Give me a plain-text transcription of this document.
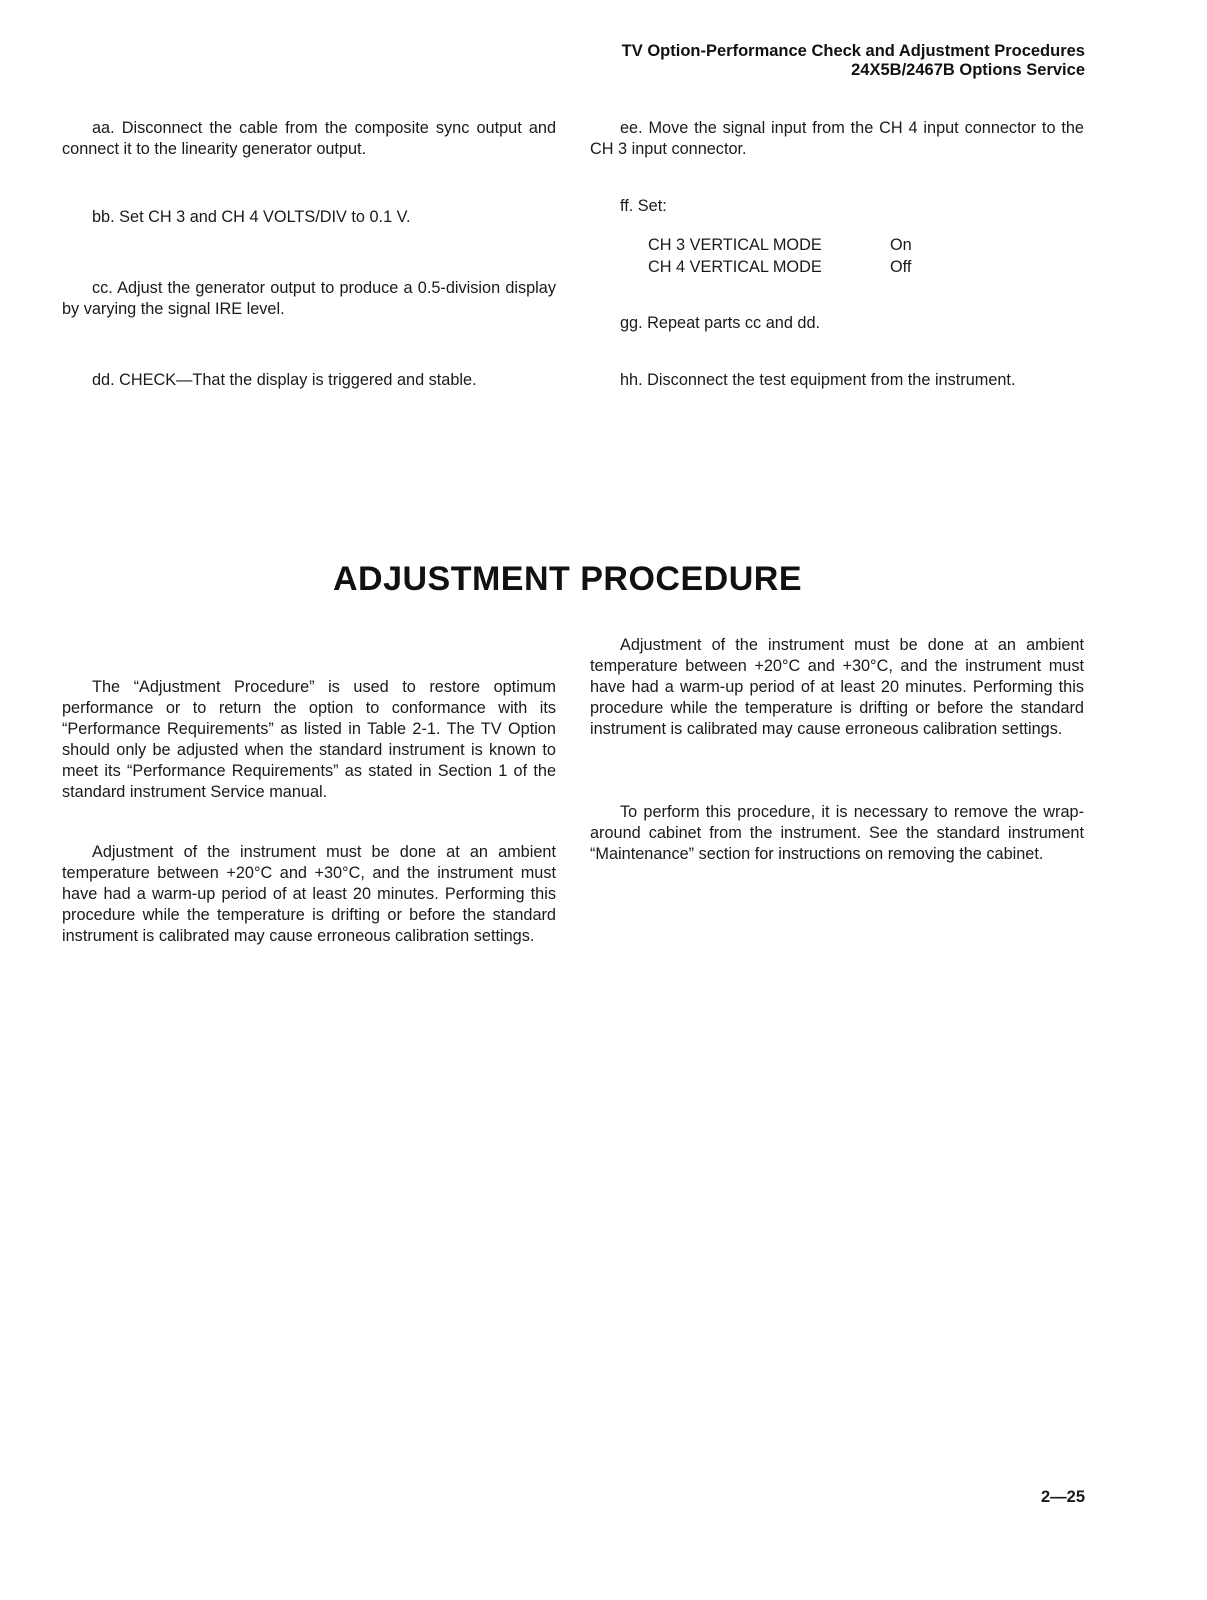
TV Option-Performance Check and Adjustment Procedures
24X5B/2467B Options Service

aa. Disconnect the cable from the composite sync output and connect it to the linearity generator output.

bb. Set CH 3 and CH 4 VOLTS/DIV to 0.1 V.

cc. Adjust the generator output to produce a 0.5-division display by varying the signal IRE level.

dd. CHECK—That the display is triggered and stable.

ee. Move the signal input from the CH 4 input connector to the CH 3 input connector.

ff. Set:

CH 3 VERTICAL MODE	On
CH 4 VERTICAL MODE	Off

gg. Repeat parts cc and dd.

hh. Disconnect the test equipment from the instrument.

ADJUSTMENT PROCEDURE

The “Adjustment Procedure” is used to restore optimum performance or to return the option to conformance with its “Performance Requirements” as listed in Table 2-1. The TV Option should only be adjusted when the standard instrument is known to meet its “Performance Requirements” as stated in Section 1 of the standard instrument Service manual.

Adjustment of the instrument must be done at an ambient temperature between +20°C and +30°C, and the instrument must have had a warm-up period of at least 20 minutes. Performing this procedure while the temperature is drifting or before the standard instrument is calibrated may cause erroneous calibration settings.

Adjustment of the instrument must be done at an ambient temperature between +20°C and +30°C, and the instrument must have had a warm-up period of at least 20 minutes. Performing this procedure while the temperature is drifting or before the standard instrument is calibrated may cause erroneous calibration settings.

To perform this procedure, it is necessary to remove the wrap-around cabinet from the instrument. See the standard instrument “Maintenance” section for instructions on removing the cabinet.

2—25
